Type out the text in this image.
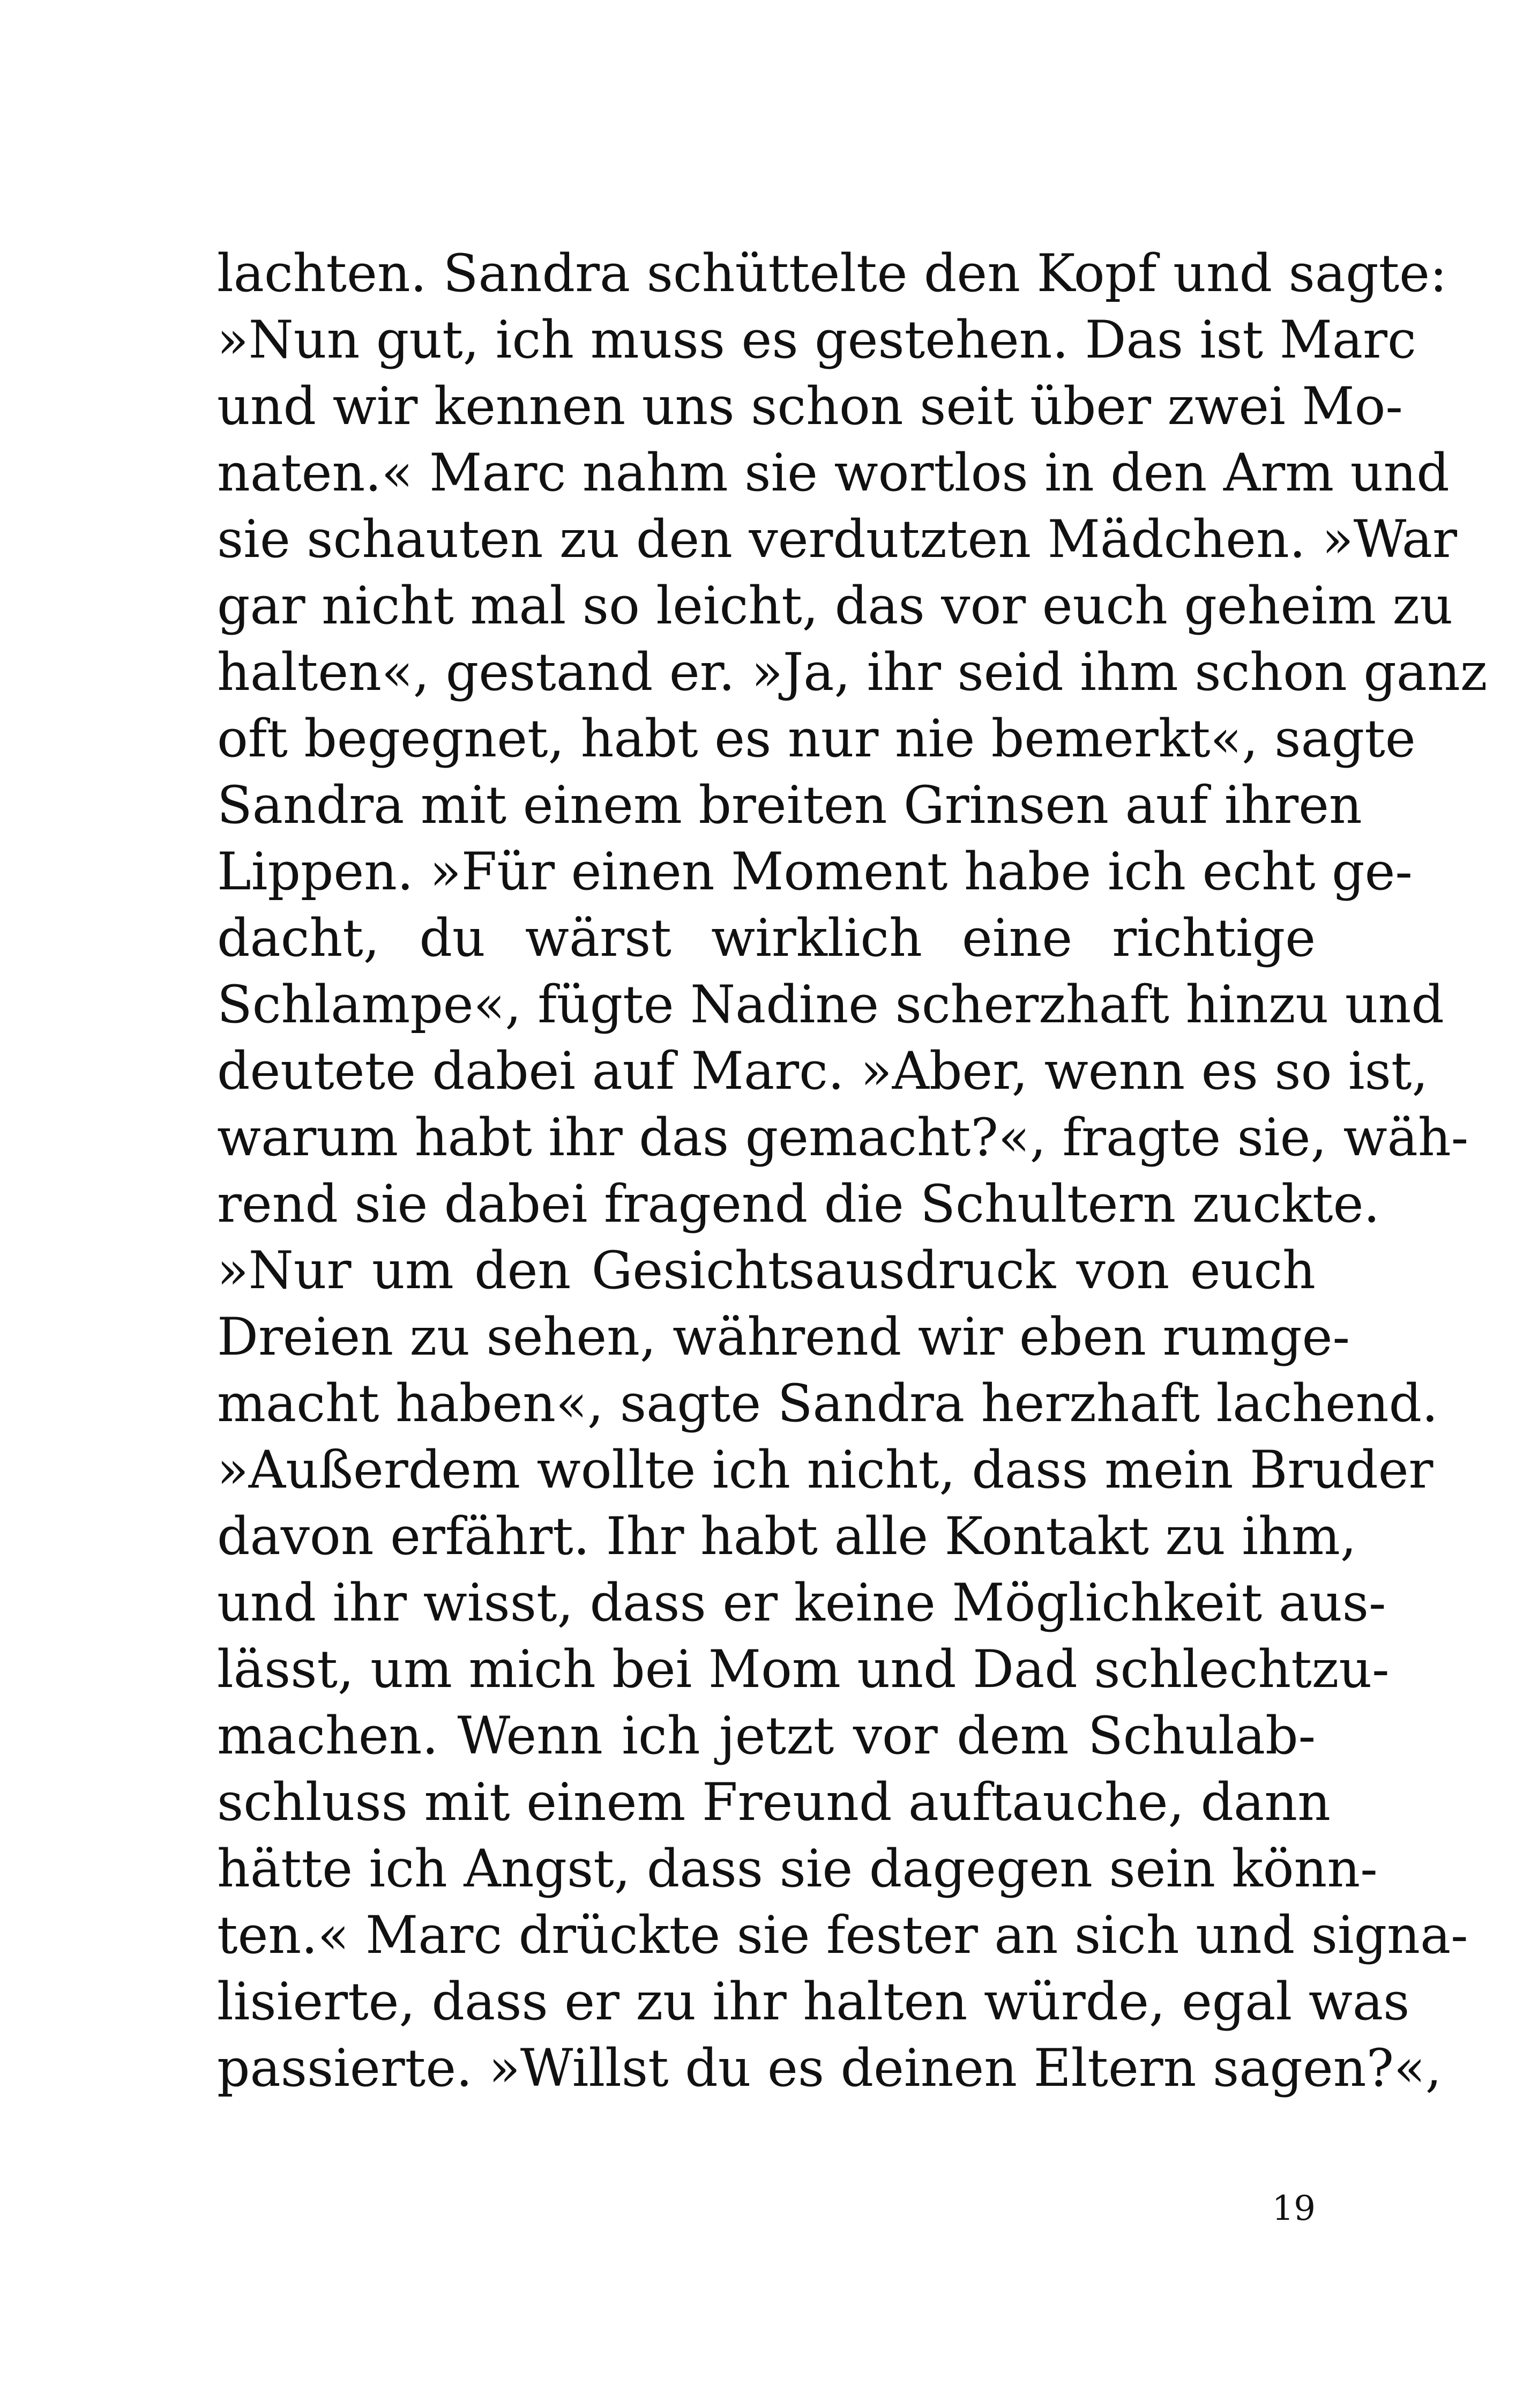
lachten. Sandra schüttelte den Kopf und sagte:
»Nun gut, ich muss es gestehen. Das ist Marc
und wir kennen uns schon seit über zwei Mo-
naten.« Marc nahm sie wortlos in den Arm und
sie schauten zu den verdutzten Mädchen. »War
gar nicht mal so leicht, das vor euch geheim zu
halten«, gestand er. »Ja, ihr seid ihm schon ganz
oft begegnet, habt es nur nie bemerkt«, sagte
Sandra mit einem breiten Grinsen auf ihren
Lippen. »Für einen Moment habe ich echt ge-
dacht, du wärst wirklich eine richtige
Schlampe«, fügte Nadine scherzhaft hinzu und
deutete dabei auf Marc. »Aber, wenn es so ist,
warum habt ihr das gemacht?«, fragte sie, wäh-
rend sie dabei fragend die Schultern zuckte.
»Nur um den Gesichtsausdruck von euch
Dreien zu sehen, während wir eben rumge-
macht haben«, sagte Sandra herzhaft lachend.
»Außerdem wollte ich nicht, dass mein Bruder
davon erfährt. Ihr habt alle Kontakt zu ihm,
und ihr wisst, dass er keine Möglichkeit aus-
lässt, um mich bei Mom und Dad schlechtzu-
machen. Wenn ich jetzt vor dem Schulab-
schluss mit einem Freund auftauche, dann
hätte ich Angst, dass sie dagegen sein könn-
ten.« Marc drückte sie fester an sich und signa-
lisierte, dass er zu ihr halten würde, egal was
passierte. »Willst du es deinen Eltern sagen?«,
19
